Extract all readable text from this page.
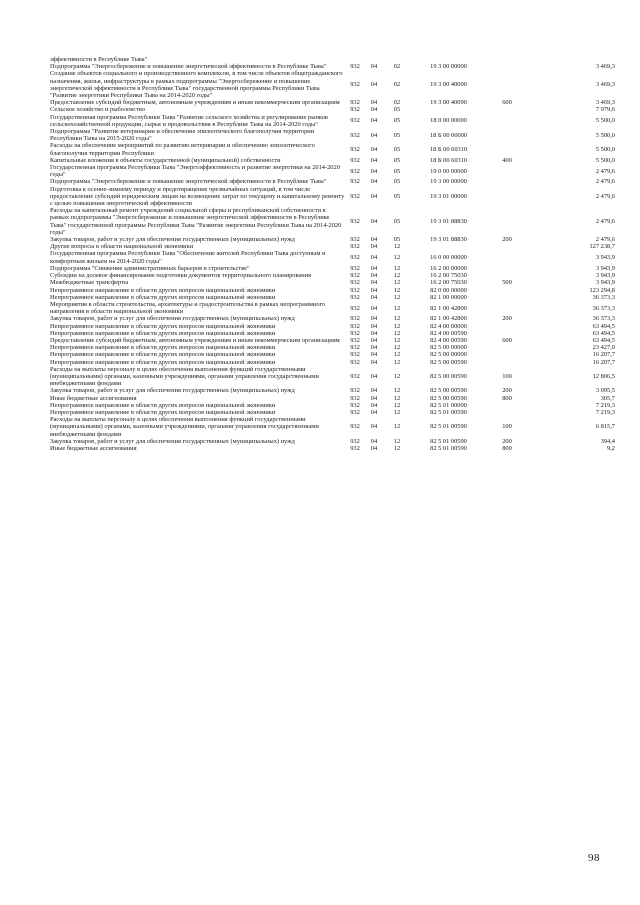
эффективности в Республике Тыва"						
Подпрограмма "Энергосбережение и повышение энергетической эффективности в Республике Тыва"	932	04	02	19 3 00 00000		3 469,3
Создание объектов социального и производственного комплексов, в том числе объектов общегражданского назначения, жилья, инфраструктуры в рамках подпрограммы "Энергосбережение и повышение энергетической эффективности в Республике Тыва" государственной программы Республики Тыва "Развитие энергетики Республики Тыва на 2014-2020 годы"	932	04	02	19 3 00 40090		3 469,3
Предоставление субсидий бюджетным, автономным учреждениям и иным некоммерческим организациям	932	04	02	19 3 00 40090	600	3 469,3
Сельское хозяйство и рыболовство	932	04	05			7 979,6
Государственная программа Республики Тыва "Развитие сельского хозяйства и регулирование рынков сельскохозяйственной продукции, сырья и продовольствия в Республике Тыва на 2014-2020 годы"	932	04	05	18 0 00 00000		5 500,0
Подпрограмма "Развитие ветеринарии и обеспечение эпизоотического благополучия территории Республики Тыва на 2015-2020 годы"	932	04	05	18 Б 00 00000		5 500,0
Расходы на обеспечение мероприятий по развитию ветеринарии и обеспечению эпизоотического благополучия территории Республики	932	04	05	18 Б 00 60310		5 500,0
Капитальные вложения в объекты государственной (муниципальной) собственности	932	04	05	18 Б 00 60310	400	5 500,0
Государственная программа Республики Тыва "Энергоэффективность и развитие энергетики на 2014-2020 годы"	932	04	05	19 0 00 00000		2 479,6
Подпрограмма "Энергосбережение и повышение энергетической эффективности в Республике Тыва"	932	04	05	19 3 00 00000		2 479,6
Подготовка к осенне-зимнему периоду и предотвращение чрезвычайных ситуаций, в том числе предоставление субсидий юридическим лицам на возмещение затрат по текущему и капитальному ремонту с целью повышения энергетической эффективности	932	04	05	19 3 01 00000		2 479,6
Расходы на капитальный ремонт учреждений социальной сферы и республиканской собственности в рамках подпрограммы "Энергосбережение и повышение энергетической эффективности в Республике Тыва" государственной программы Республики Тыва "Развитие энергетики Республики Тыва на 2014-2020 годы"	932	04	05	19 3 01 88830		2 479,6
Закупка товаров, работ и услуг для обеспечения государственных (муниципальных) нужд	932	04	05	19 3 01 88830	200	2 479,6
Другие вопросы в области национальной экономики	932	04	12			127 238,7
Государственная программа Республики Тыва "Обеспечение жителей Республики Тыва доступным и комфортным жильем на 2014-2020 годы"	932	04	12	16 0 00 00000		3 943,9
Подпрограмма "Снижение административных барьеров в строительстве"	932	04	12	16 2 00 00000		3 943,9
Субсидии на долевое финансирование подготовки документов территориального планирования	932	04	12	16 2 00 75030		3 943,9
Межбюджетные трансферты	932	04	12	16 2 00 75030	500	3 943,9
Непрограммное направление в области других вопросов национальной экономики	932	04	12	82 0 00 00000		123 294,8
Непрограммное направление в области других вопросов национальной экономики	932	04	12	82 1 00 00000		36 373,3
Мероприятия в области строительства, архитектуры и градостроительства в рамках непрограммного направления в области национальной экономики	932	04	12	82 1 00 42800		36 373,3
Закупка товаров, работ и услуг для обеспечения государственных (муниципальных) нужд	932	04	12	82 1 00 42800	200	36 373,3
Непрограммное направление в области других вопросов национальной экономики	932	04	12	82 4 00 00000		63 494,5
Непрограммное направление в области других вопросов национальной экономики	932	04	12	82 4 00 00590		63 494,5
Предоставление субсидий бюджетным, автономным учреждениям и иным некоммерческим организациям	932	04	12	82 4 00 00590	600	63 494,5
Непрограммное направление в области других вопросов национальной экономики	932	04	12	82 5 00 00000		23 427,0
Непрограммное направление в области других вопросов национальной экономики	932	04	12	82 5 00 00000		16 207,7
Непрограммное направление в области других вопросов национальной экономики	932	04	12	82 5 00 00590		16 207,7
Расходы на выплаты персоналу в целях обеспечения выполнения функций государственными (муниципальными) органами, казенными учреждениями, органами управления государственными внебюджетными фондами	932	04	12	82 5 00 00590	100	12 806,5
Закупка товаров, работ и услуг для обеспечения государственных (муниципальных) нужд	932	04	12	82 5 00 00590	200	3 095,5
Иные бюджетные ассигнования	932	04	12	82 5 00 00590	800	305,7
Непрограммное направление в области других вопросов национальной экономики	932	04	12	82 5 01 00000		7 219,3
Непрограммное направление в области других вопросов национальной экономики	932	04	12	82 5 01 00590		7 219,3
Расходы на выплаты персоналу в целях обеспечения выполнения функций государственными (муниципальными) органами, казенными учреждениями, органами управления государственными внебюджетными фондами	932	04	12	82 5 01 00590	100	6 815,7
Закупка товаров, работ и услуг для обеспечения государственных (муниципальных) нужд	932	04	12	82 5 01 00590	200	394,4
Иные бюджетные ассигнования	932	04	12	82 5 01 00590	800	9,2
98
